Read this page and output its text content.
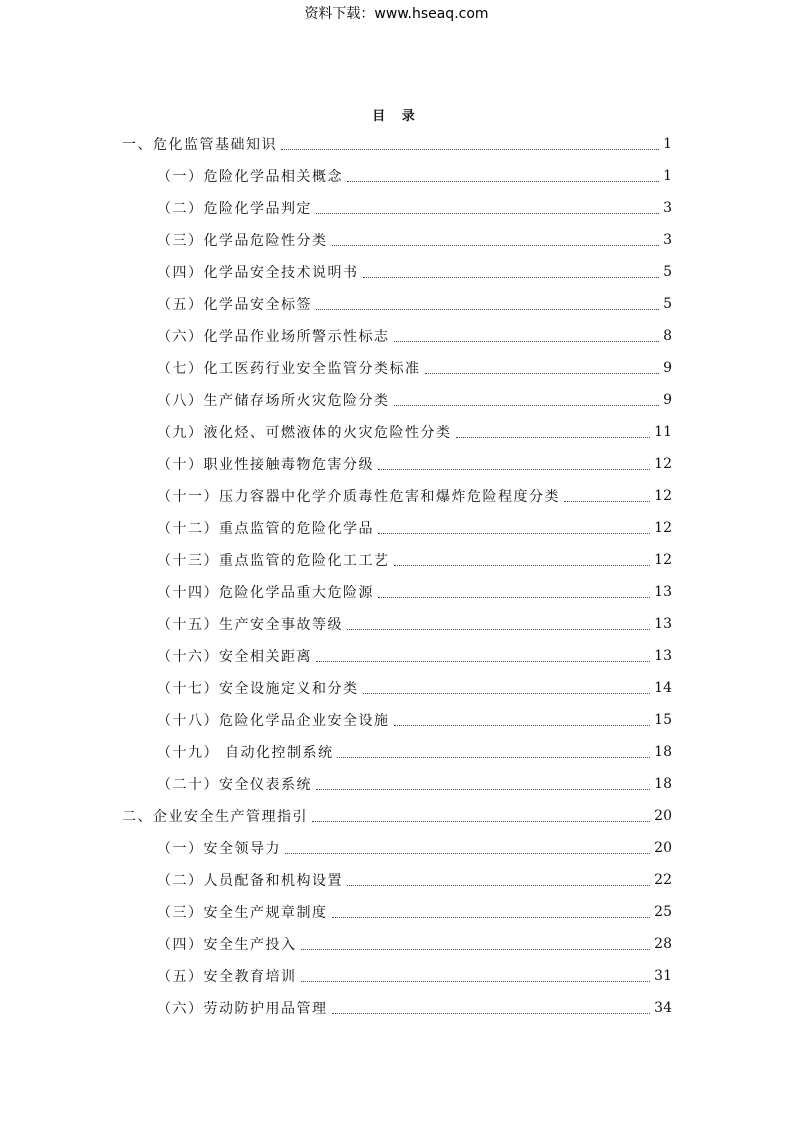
资料下载：www.hseaq.com
目 录
一、危化监管基础知识	1
（一）危险化学品相关概念	1
（二）危险化学品判定	3
（三）化学品危险性分类	3
（四）化学品安全技术说明书	5
（五）化学品安全标签	5
（六）化学品作业场所警示性标志	8
（七）化工医药行业安全监管分类标准	9
（八）生产储存场所火灾危险分类	9
（九）液化烃、可燃液体的火灾危险性分类	11
（十）职业性接触毒物危害分级	12
（十一）压力容器中化学介质毒性危害和爆炸危险程度分类	12
（十二）重点监管的危险化学品	12
（十三）重点监管的危险化工工艺	12
（十四）危险化学品重大危险源	13
（十五）生产安全事故等级	13
（十六）安全相关距离	13
（十七）安全设施定义和分类	14
（十八）危险化学品企业安全设施	15
（十九） 自动化控制系统	18
（二十）安全仪表系统	18
二、企业安全生产管理指引	20
（一）安全领导力	20
（二）人员配备和机构设置	22
（三）安全生产规章制度	25
（四）安全生产投入	28
（五）安全教育培训	31
（六）劳动防护用品管理	34
